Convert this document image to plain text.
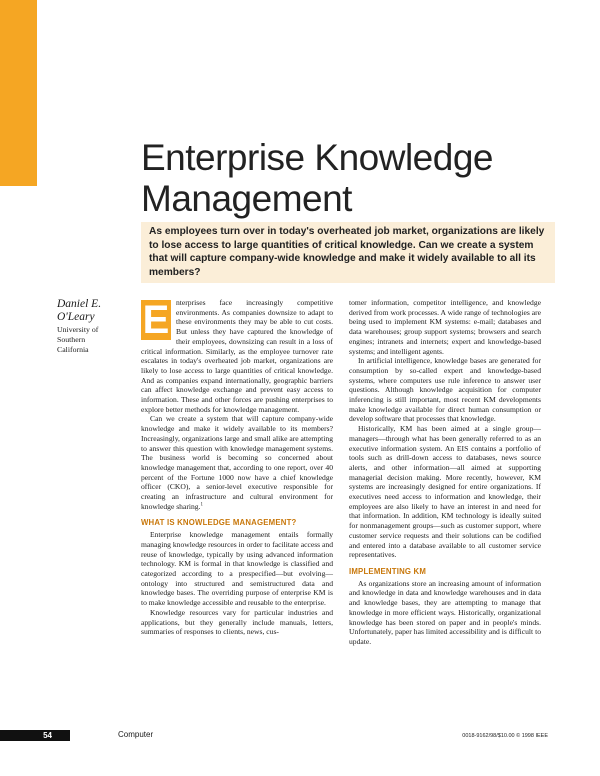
Cover Feature Enterprise Knowledge Management
As employees turn over in today's overheated job market, organizations are likely to lose access to large quantities of critical knowledge. Can we create a system that will capture company-wide knowledge and make it widely available to all its members?
Daniel E.
O'Leary
University of
Southern
California

E nterprises face increasingly competitive environments. As companies downsize to adapt to these environments they may be able to cut costs. But unless they have captured the knowledge of their employees, downsizing can result in a loss of critical information. Similarly, as the employee turnover rate escalates in today's overheated job market, organizations are likely to lose access to large quantities of critical knowledge. And as companies expand internationally, geographic barriers can affect knowledge exchange and prevent easy access to information. These and other forces are pushing enterprises to explore better methods for knowledge management.

Can we create a system that will capture company-wide knowledge and make it widely available to its members? Increasingly, organizations large and small alike are attempting to answer this question with knowledge management systems. The business world is becoming so concerned about knowledge management that, according to one report, over 40 percent of the Fortune 1000 now have a chief knowledge officer (CKO), a senior-level executive responsible for creating an infrastructure and cultural environment for knowledge sharing.$^1$

WHAT IS KNOWLEDGE MANAGEMENT?

Enterprise knowledge management entails formally managing knowledge resources in order to facilitate access and reuse of knowledge, typically by using advanced information technology. KM is formal in that knowledge is classified and categorized according to a prespecified—but evolving—ontology into structured and semistructured data and knowledge bases. The overriding purpose of enterprise KM is to make knowledge accessible and reusable to the enterprise.

Knowledge resources vary for particular industries and applications, but they generally include manuals, letters, summaries of responses to clients, news, cus-

tomer information, competitor intelligence, and knowledge derived from work processes. A wide range of technologies are being used to implement KM systems: e-mail; databases and data warehouses; group support systems; browsers and search engines; intranets and internets; expert and knowledge-based systems; and intelligent agents.

In artificial intelligence, knowledge bases are generated for consumption by so-called expert and knowledge-based systems, where computers use rule inference to answer user questions. Although knowledge acquisition for computer inferencing is still important, most recent KM developments make knowledge available for direct human consumption or develop software that processes that knowledge.

Historically, KM has been aimed at a single group—managers—through what has been generally referred to as an executive information system. An EIS contains a portfolio of tools such as drill-down access to databases, news source alerts, and other information—all aimed at supporting managerial decision making. More recently, however, KM systems are increasingly designed for entire organizations. If executives need access to information and knowledge, their employees are also likely to have an interest in and need for that information. In addition, KM technology is ideally suited for nonmanagement groups—such as customer support, where customer service requests and their solutions can be codified and entered into a database available to all customer service representatives.

IMPLEMENTING KM

As organizations store an increasing amount of information and knowledge in data and knowledge warehouses and in data and knowledge bases, they are attempting to manage that knowledge in more efficient ways. Historically, organizational knowledge has been stored on paper and in people's minds. Unfortunately, paper has limited accessibility and is difficult to update.

54	Computer	0018-9162/98/$10.00 © 1998 IEEE
